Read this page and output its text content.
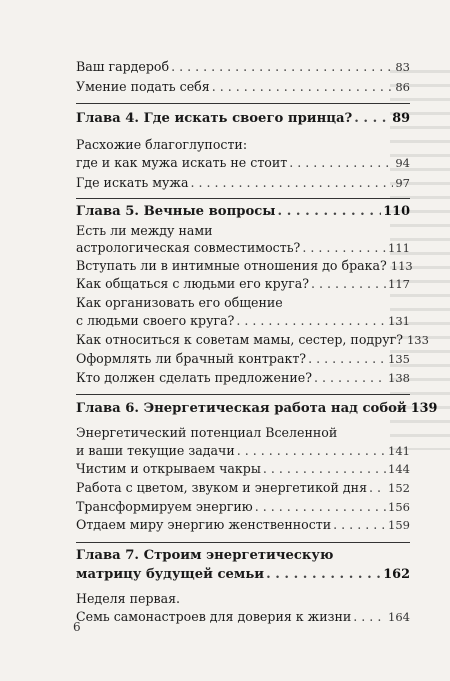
Ваш гардероб . . .	83
Умение подать себя . . .	86
Глава 4. Где искать своего принца? . . .	89
Расхожие благоглупости:
где и как мужа искать не стоит . . .	94
Где искать мужа . . .	97
Глава 5. Вечные вопросы . . .	110
Есть ли между нами
астрологическая совместимость? . . .	111
Вступать ли в интимные отношения до брака? 113
Как общаться с людьми его круга? . . .	117
Как организовать его общение
с людьми своего круга? . . .	131
Как относиться к советам мамы, сестер, подруг? 133
Оформлять ли брачный контракт? . . .	135
Кто должен сделать предложение? . . .	138
Глава 6. Энергетическая работа над собой 139
Энергетический потенциал Вселенной
и ваши текущие задачи . . .	141
Чистим и открываем чакры . . .	144
Работа с цветом, звуком и энергетикой дня . . . 152
Трансформируем энергию . . .	156
Отдаем миру энергию женственности . . .	159
Глава 7. Строим энергетическую
матрицу будущей семьи . . .	162
Неделя первая.
Семь самонастроев для доверия к жизни . . .	164
6
